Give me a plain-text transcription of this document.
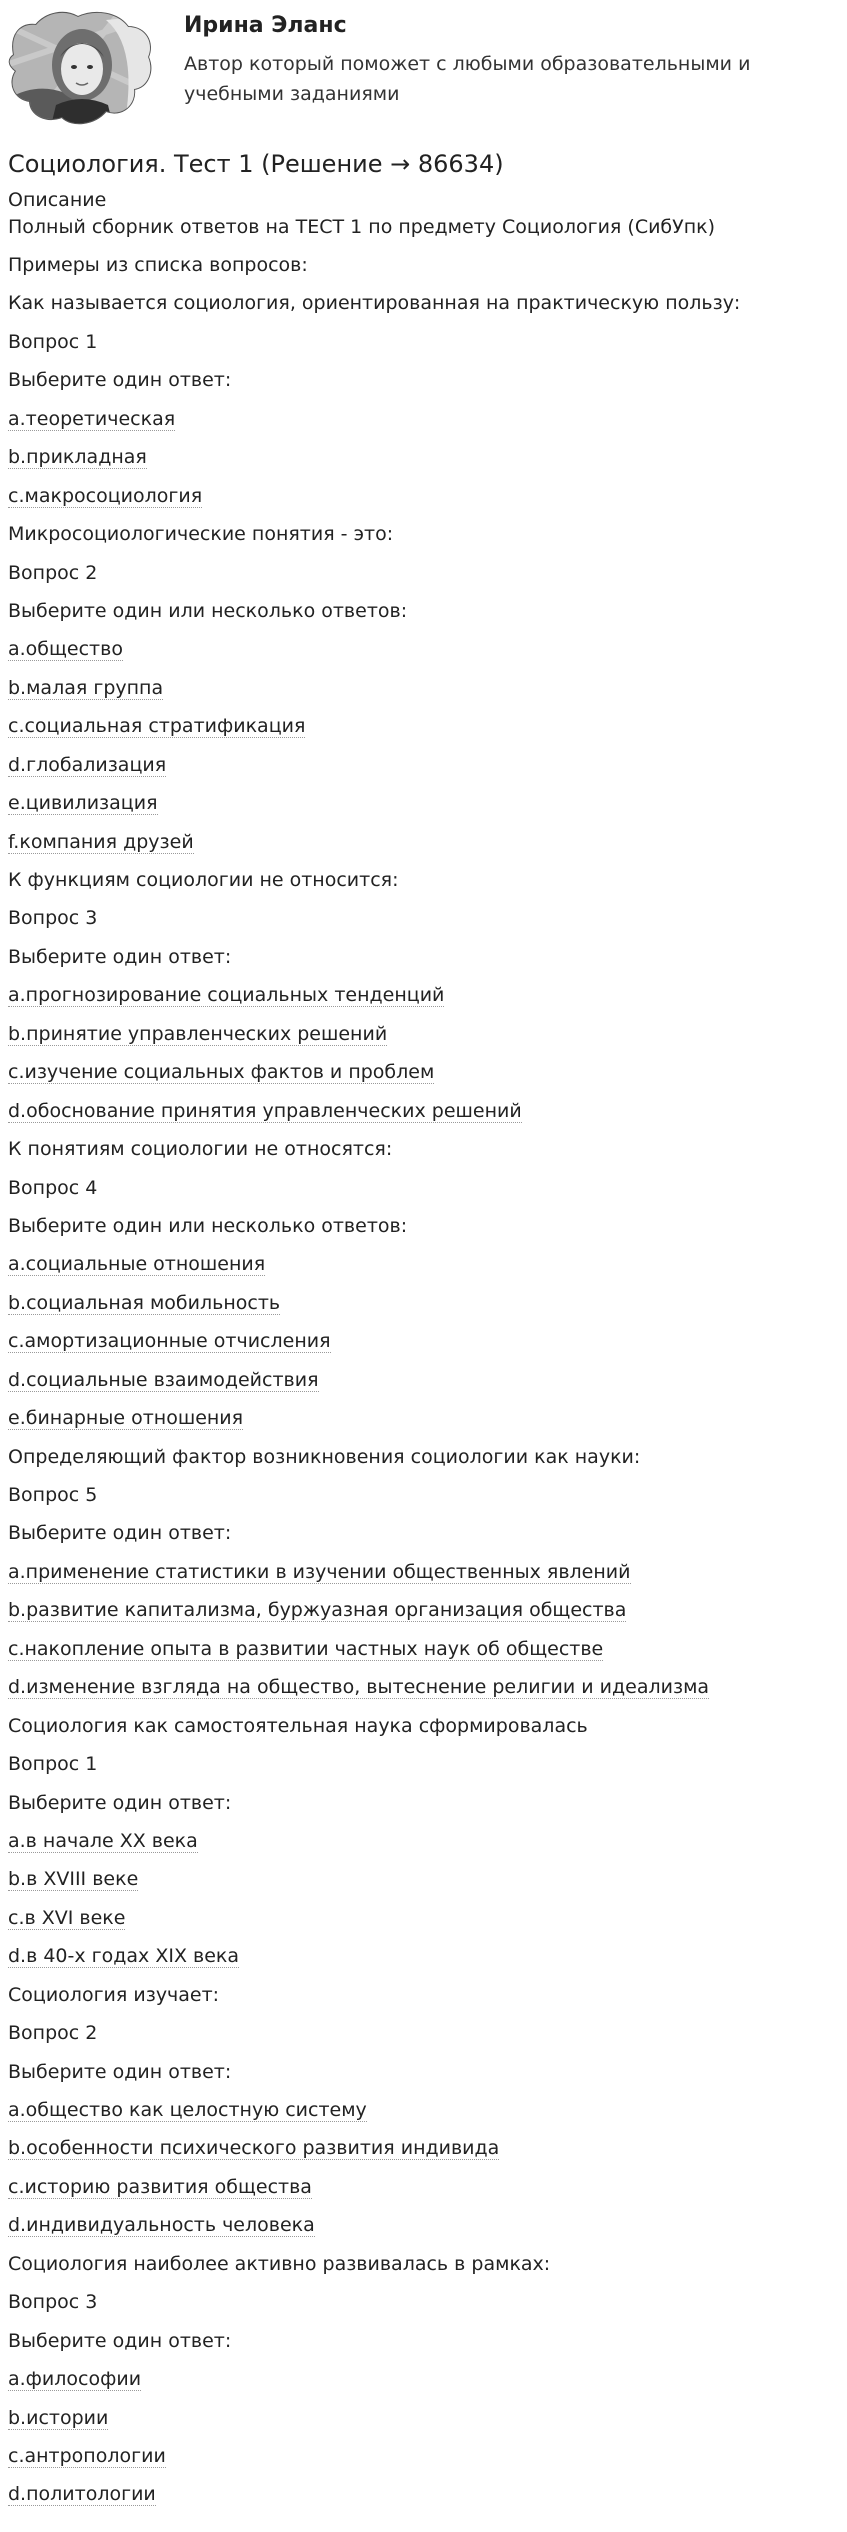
Ирина Эланс
Автор который поможет с любыми образовательными и учебными заданиями
Социология. Тест 1 (Решение → 86634)
Описание
Полный сборник ответов на ТЕСТ 1 по предмету Социология (СибУпк)
Примеры из списка вопросов:
Как называется социология, ориентированная на практическую пользу:
Вопрос 1
Выберите один ответ:
a.теоретическая
b.прикладная
c.макросоциология
Микросоциологические понятия - это:
Вопрос 2
Выберите один или несколько ответов:
a.общество
b.малая группа
c.социальная стратификация
d.глобализация
e.цивилизация
f.компания друзей
К функциям социологии не относится:
Вопрос 3
Выберите один ответ:
a.прогнозирование социальных тенденций
b.принятие управленческих решений
c.изучение социальных фактов и проблем
d.обоснование принятия управленческих решений
К понятиям социологии не относятся:
Вопрос 4
Выберите один или несколько ответов:
a.социальные отношения
b.социальная мобильность
c.амортизационные отчисления
d.социальные взаимодействия
e.бинарные отношения
Определяющий фактор возникновения социологии как науки:
Вопрос 5
Выберите один ответ:
a.применение статистики в изучении общественных явлений
b.развитие капитализма, буржуазная организация общества
c.накопление опыта в развитии частных наук об обществе
d.изменение взгляда на общество, вытеснение религии и идеализма
Социология как самостоятельная наука сформировалась
Вопрос 1
Выберите один ответ:
a.в начале XX века
b.в XVIII веке
c.в XVI веке
d.в 40-х годах XIX века
Социология изучает:
Вопрос 2
Выберите один ответ:
a.общество как целостную систему
b.особенности психического развития индивида
c.историю развития общества
d.индивидуальность человека
Социология наиболее активно развивалась в рамках:
Вопрос 3
Выберите один ответ:
a.философии
b.истории
c.антропологии
d.политологии
